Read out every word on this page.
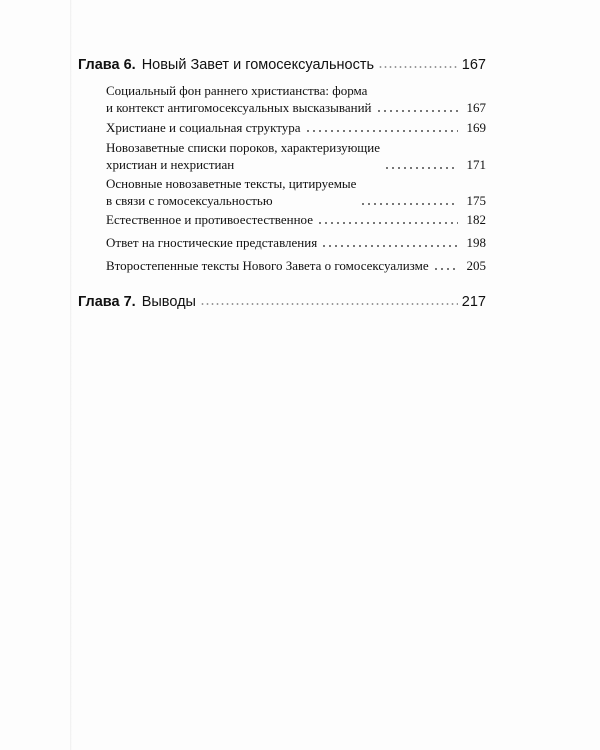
Глава 6. Новый Завет и гомосексуальность	167
Социальный фон раннего христианства: форма
и контекст антигомосексуальных высказываний	167
Христиане и социальная структура	169
Новозаветные списки пороков, характеризующие
христиан и нехристиан	171
Основные новозаветные тексты, цитируемые
в связи с гомосексуальностью	175
Естественное и противоестественное	182
Ответ на гностические представления	198
Второстепенные тексты Нового Завета о гомосексуализме	205
Глава 7. Выводы	217
